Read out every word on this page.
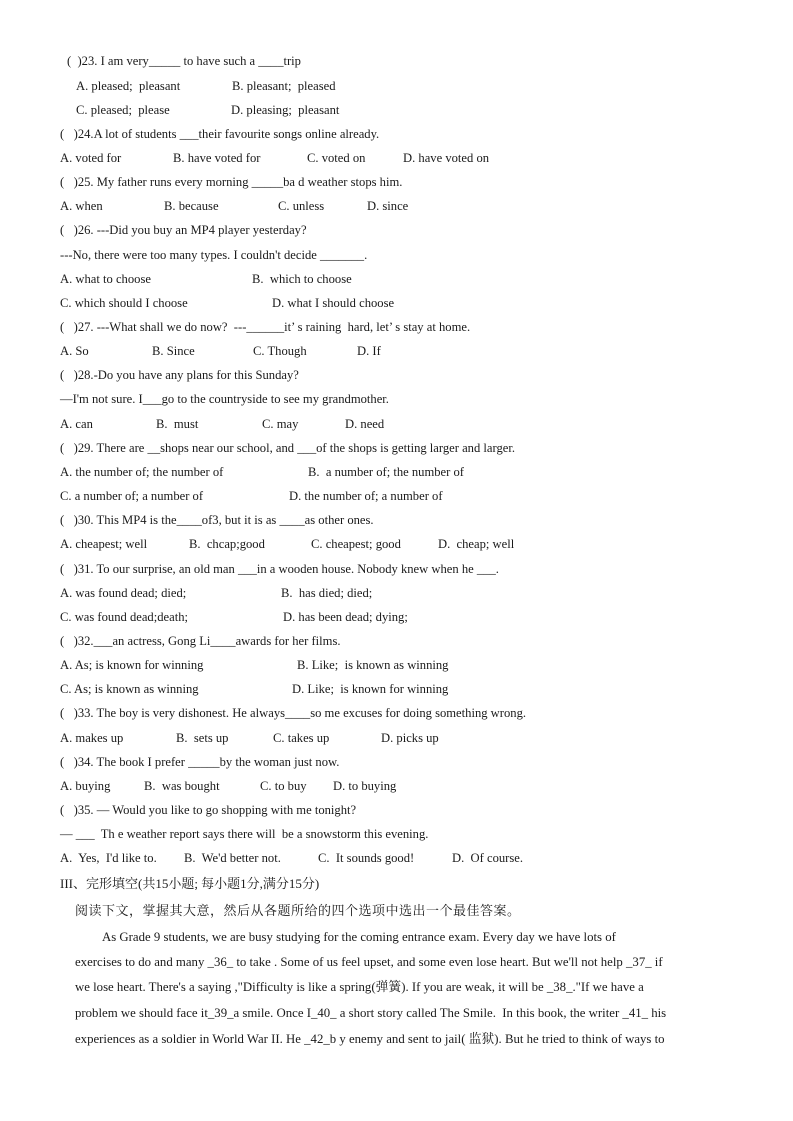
(  )23. I am very_____ to have such a ____trip
A. pleased;  pleasant	B. pleasant;  pleased
C. pleased;  please	D. pleasing;  pleasant
(   )24.A lot of students ___their favourite songs online already.
A. voted for	B. have voted for	C. voted on	D. have voted on
(   )25. My father runs every morning _____ba d weather stops him.
A. when	B. because	C. unless	D. since
(   )26. ---Did you buy an MP4 player yesterday?
---No, there were too many types. I couldn't decide _______.
A. what to choose	B.  which to choose
C. which should I choose	D. what I should choose
(   )27. ---What shall we do now?  ---______it’ s raining  hard, let’ s stay at home.
A. So	B. Since	C. Though	D. If
(   )28.-Do you have any plans for this Sunday?
—I'm not sure. I___go to the countryside to see my grandmother.
A. can	B.  must	C. may	D. need
(   )29. There are __shops near our school, and ___of the shops is getting larger and larger.
A. the number of; the number of	B.  a number of; the number of
C. a number of; a number of	D. the number of; a number of
(   )30. This MP4 is the____of3, but it is as ____as other ones.
A. cheapest; well	B.  chcap;good	C. cheapest; good	D.  cheap; well
(   )31. To our surprise, an old man ___in a wooden house. Nobody knew when he ___.
A. was found dead; died;	B.  has died; died;
C. was found dead;death;	D. has been dead; dying;
(   )32.___an actress, Gong Li____awards for her films.
A. As; is known for winning	B. Like;  is known as winning
C. As; is known as winning	D. Like;  is known for winning
(   )33. The boy is very dishonest. He always____so me excuses for doing something wrong.
A. makes up	B.  sets up	C. takes up	D. picks up
(   )34. The book I prefer _____by the woman just now.
A. buying	B.  was bought	C. to buy D. to buying
(   )35. — Would you like to go shopping with me tonight?
— ___  Th e weather report says there will  be a snowstorm this evening.
A.  Yes,  I'd like to. B.  We'd better not.	C.  It sounds good!	D.  Of course.
III、完形填空(共15小题; 每小题1分,满分15分)
阅读下文，掌握其大意，然后从各题所给的四个选项中选出一个最佳答案。
As Grade 9 students, we are busy studying for the coming entrance exam. Every day we have lots of
exercises to do and many _36_ to take . Some of us feel upset, and some even lose heart. But we'll not help _37_ if
we lose heart. There's a saying ,"Difficulty is like a spring(弹簧). If you are weak, it will be _38_."If we have a
problem we should face it_39_a smile. Once I_40_ a short story called The Smile.  In this book, the writer _41_ his
experiences as a soldier in World War II. He _42_b y enemy and sent to jail( 监狱). But he tried to think of ways to
